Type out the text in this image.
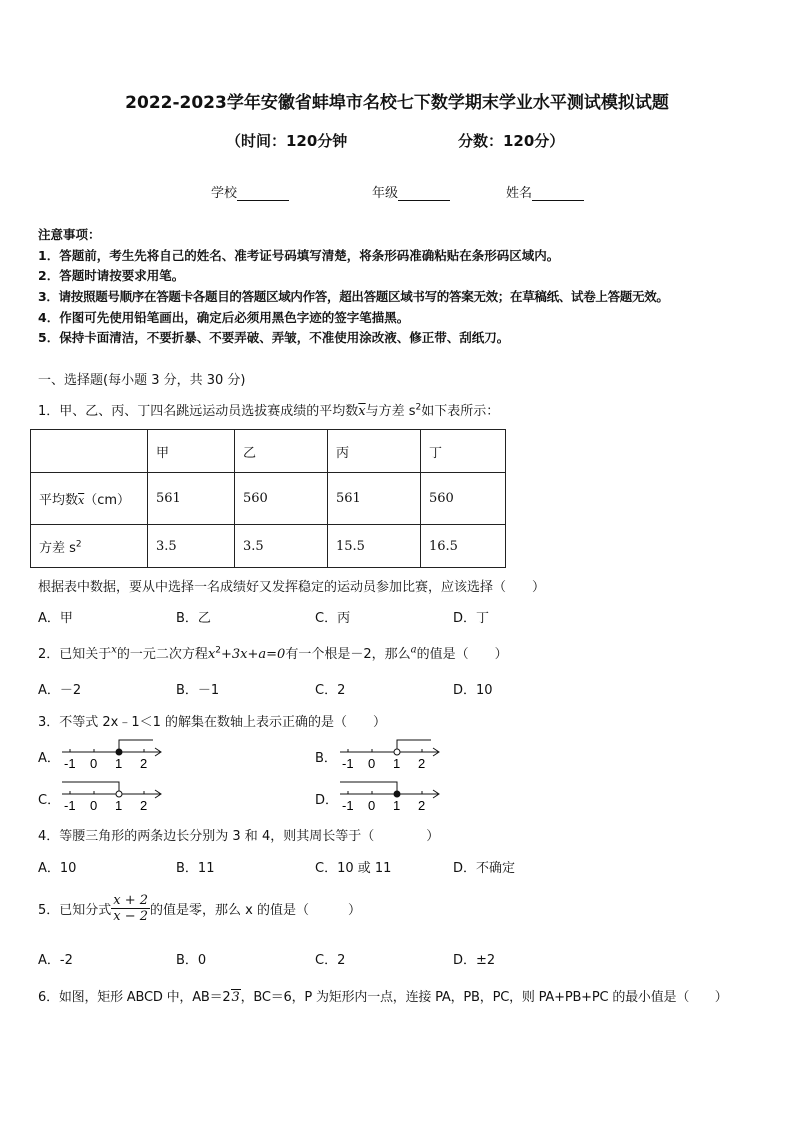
2022-2023学年安徽省蚌埠市名校七下数学期末学业水平测试模拟试题
（时间：120分钟	分数：120分）
学校	年级	姓名
注意事项：
1．答题前，考生先将自己的姓名、准考证号码填写清楚，将条形码准确粘贴在条形码区域内。
2．答题时请按要求用笔。
3．请按照题号顺序在答题卡各题目的答题区域内作答，超出答题区域书写的答案无效；在草稿纸、试卷上答题无效。
4．作图可先使用铅笔画出，确定后必须用黑色字迹的签字笔描黑。
5．保持卡面清洁，不要折暴、不要弄破、弄皱，不准使用涂改液、修正带、刮纸刀。
一、选择题(每小题 3 分，共 30 分)
1．甲、乙、丙、丁四名跳远运动员选拔赛成绩的平均数$\overline{x}$与方差 $s^2$如下表所示：
	甲	乙	丙	丁
平均数$\overline{x}(cm)$	561	560	561	560
方差 $s^2$	3.5	3.5	15.5	16.5
根据表中数据，要从中选择一名成绩好又发挥稳定的运动员参加比赛，应该选择（　　）
A．甲	B．乙	C．丙	D．丁
2．已知关于$^x$的一元二次方程$x^2+3x+a=0$有一个根是－2，那么$^a$的值是（　　）
A．－2	B．－1	C．2	D．10
3．不等式 2x﹣1＜1 的解集在数轴上表示正确的是（　　）
A． -1 0 1 2	B． -1 0 1 2
C． -1 0 1 2	D． -1 0 1 2
4．等腰三角形的两条边长分别为 3 和 4，则其周长等于（　　　　）
A．10	B．11	C．10 或 11	D．不确定
5．已知分式 $\frac{x + 2}{x - 2}$ 的值是零，那么 x 的值是（　　　）
A．-2	B．0	C．2	D．±2
6．如图，矩形 ABCD 中，AB＝23，BC＝6，P 为矩形内一点，连接 PA，PB，PC，则 PA+PB+PC 的最小值是（　　）
